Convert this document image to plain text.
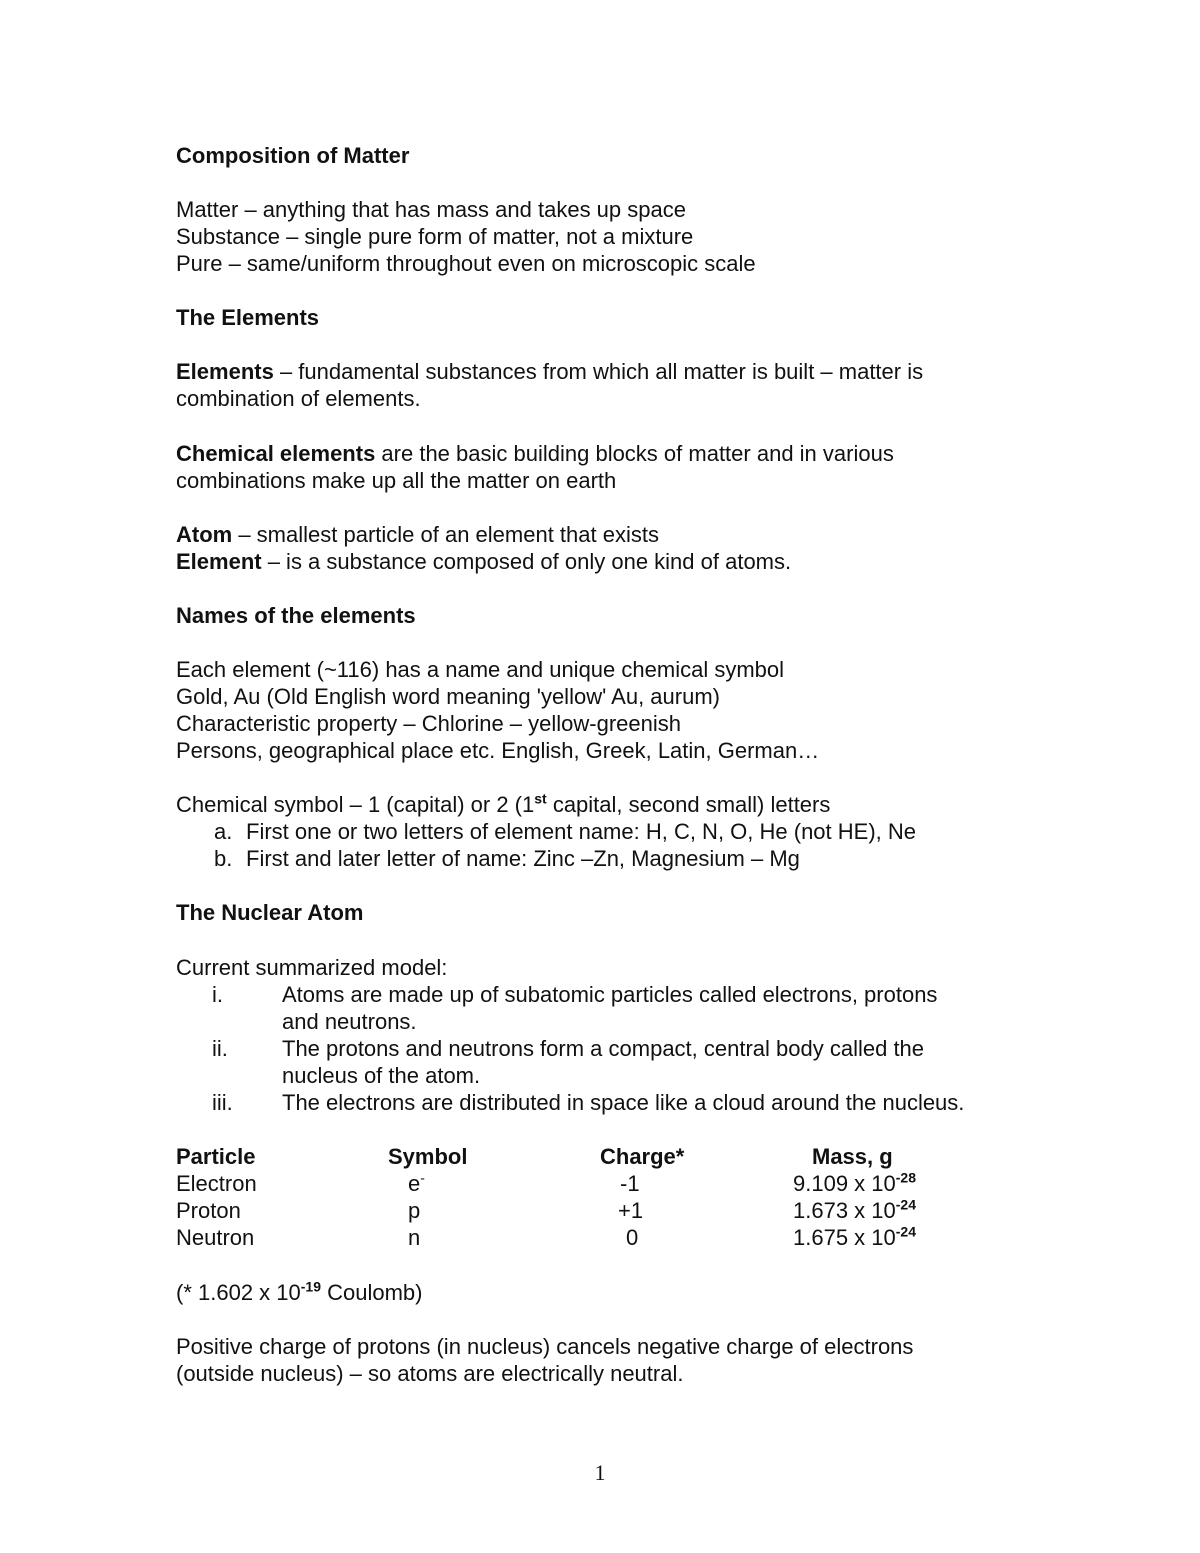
Composition of Matter
Matter – anything that has mass and takes up space
Substance – single pure form of matter, not a mixture
Pure – same/uniform throughout even on microscopic scale
The Elements
Elements – fundamental substances from which all matter is built – matter is
combination of elements.
Chemical elements are the basic building blocks of matter and in various
combinations make up all the matter on earth
Atom – smallest particle of an element that exists
Element – is a substance composed of only one kind of atoms.
Names of the elements
Each element (~116) has a name and unique chemical symbol
Gold, Au (Old English word meaning 'yellow' Au, aurum)
Characteristic property – Chlorine – yellow-greenish
Persons, geographical place etc. English, Greek, Latin, German…
Chemical symbol – 1 (capital) or 2 (1st capital, second small) letters
a. First one or two letters of element name: H, C, N, O, He (not HE), Ne
b. First and later letter of name: Zinc –Zn, Magnesium – Mg
The Nuclear Atom
Current summarized model:
i.	Atoms are made up of subatomic particles called electrons, protons
and neutrons.
ii. The protons and neutrons form a compact, central body called the
nucleus of the atom.
iii. The electrons are distributed in space like a cloud around the nucleus.
Particle	Symbol	Charge*	Mass, g
Electron	e-	-1	9.109 x $10^{-28}$
Proton	p	+1	1.673 x $10^{-24}$
Neutron	n	0	1.675 x $10^{-24}$
(* 1.602 x $10^{-19}$ Coulomb)
Positive charge of protons (in nucleus) cancels negative charge of electrons
(outside nucleus) – so atoms are electrically neutral.
1
